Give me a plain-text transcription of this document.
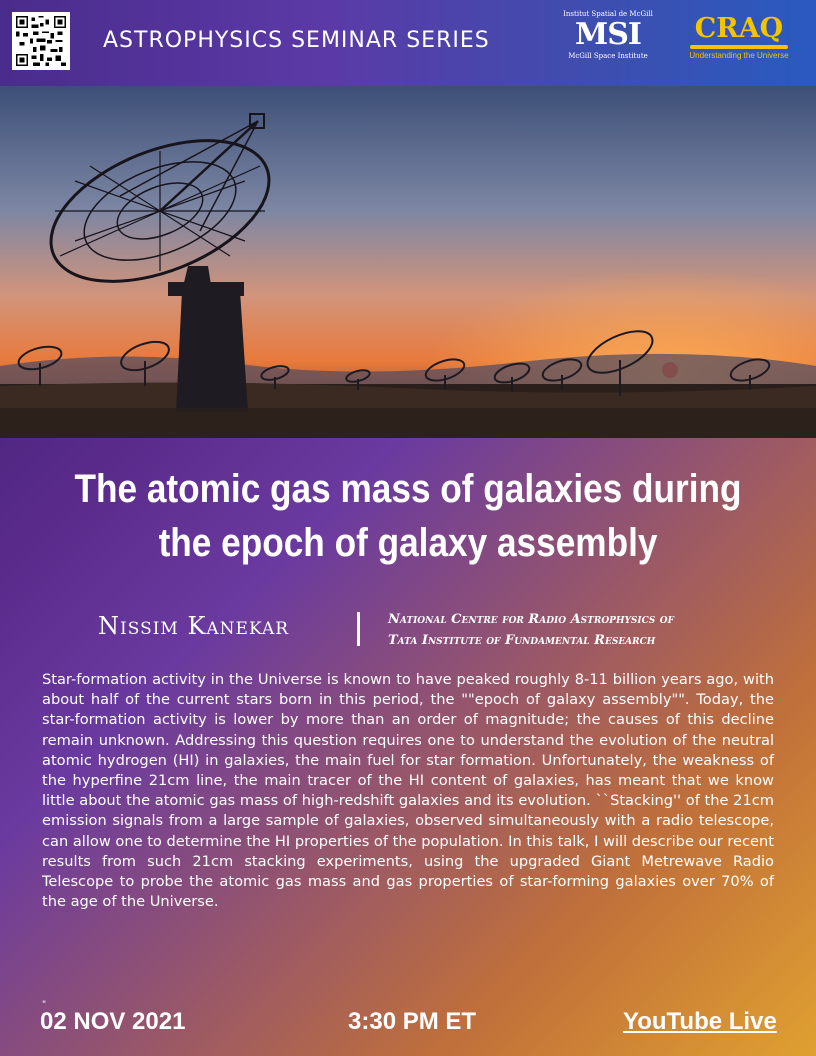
ASTROPHYSICS SEMINAR SERIES
Institut Spatial de McGill
MSI
McGill Space Institute
CRAQ
Understanding the Universe
The atomic gas mass of galaxies during the epoch of galaxy assembly
Nissim Kanekar	National Centre for Radio Astrophysics of
Tata Institute of Fundamental Research
Star-formation activity in the Universe is known to have peaked roughly 8-11 billion years ago, with about half of the current stars born in this period, the ""epoch of galaxy assembly"". Today, the star-formation activity is lower by more than an order of magnitude; the causes of this decline remain unknown. Addressing this question requires one to understand the evolution of the neutral atomic hydrogen (HI) in galaxies, the main fuel for star formation. Unfortunately, the weakness of the hyperfine 21cm line, the main tracer of the HI content of galaxies, has meant that we know little about the atomic gas mass of high-redshift galaxies and its evolution. ``Stacking'' of the 21cm emission signals from a large sample of galaxies, observed simultaneously with a radio telescope, can allow one to determine the HI properties of the population. In this talk, I will describe our recent results from such 21cm stacking experiments, using the upgraded Giant Metrewave Radio Telescope to probe the atomic gas mass and gas properties of star-forming galaxies over 70% of the age of the Universe.
"
02 NOV 2021	3:30 PM ET	YouTube Live
